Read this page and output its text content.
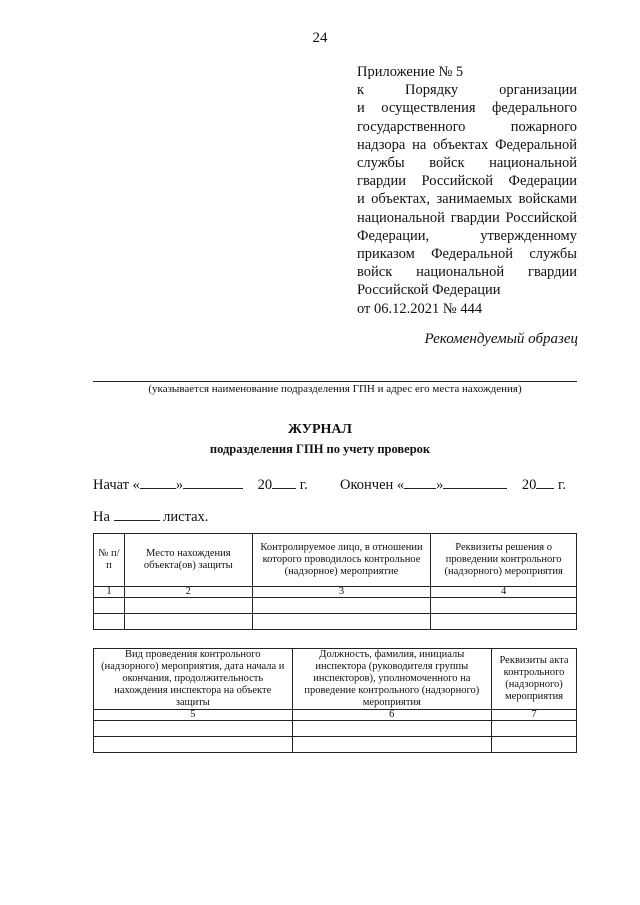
24
Приложение № 5
к	Порядку	организации
и осуществления федерального
государственного	пожарного
надзора на объектах Федеральной
службы войск национальной
гвардии Российской Федерации
и объектах, занимаемых войсками
национальной гвардии Российской
Федерации,	утвержденному
приказом Федеральной службы
войск национальной гвардии
Российской Федерации
от 06.12.2021 № 444
Рекомендуемый образец
(указывается наименование подразделения ГПН и адрес его места нахождения)
ЖУРНАЛ
подразделения ГПН по учету проверок
Начат « »	20 г. Окончен « »	20 г.
На	листах.
№ п/п	Место нахождения объекта(ов) защиты	Контролируемое лицо, в отношении которого проводилось контрольное (надзорное) мероприятие	Реквизиты решения о проведении контрольного (надзорного) мероприятия
1	2	3	4

Вид проведения контрольного (надзорного) мероприятия, дата начала и окончания, продолжительность нахождения инспектора на объекте защиты	Должность, фамилия, инициалы инспектора (руководителя группы инспекторов), уполномоченного на проведение контрольного (надзорного) мероприятия	Реквизиты акта контрольного (надзорного) мероприятия
5	6	7
